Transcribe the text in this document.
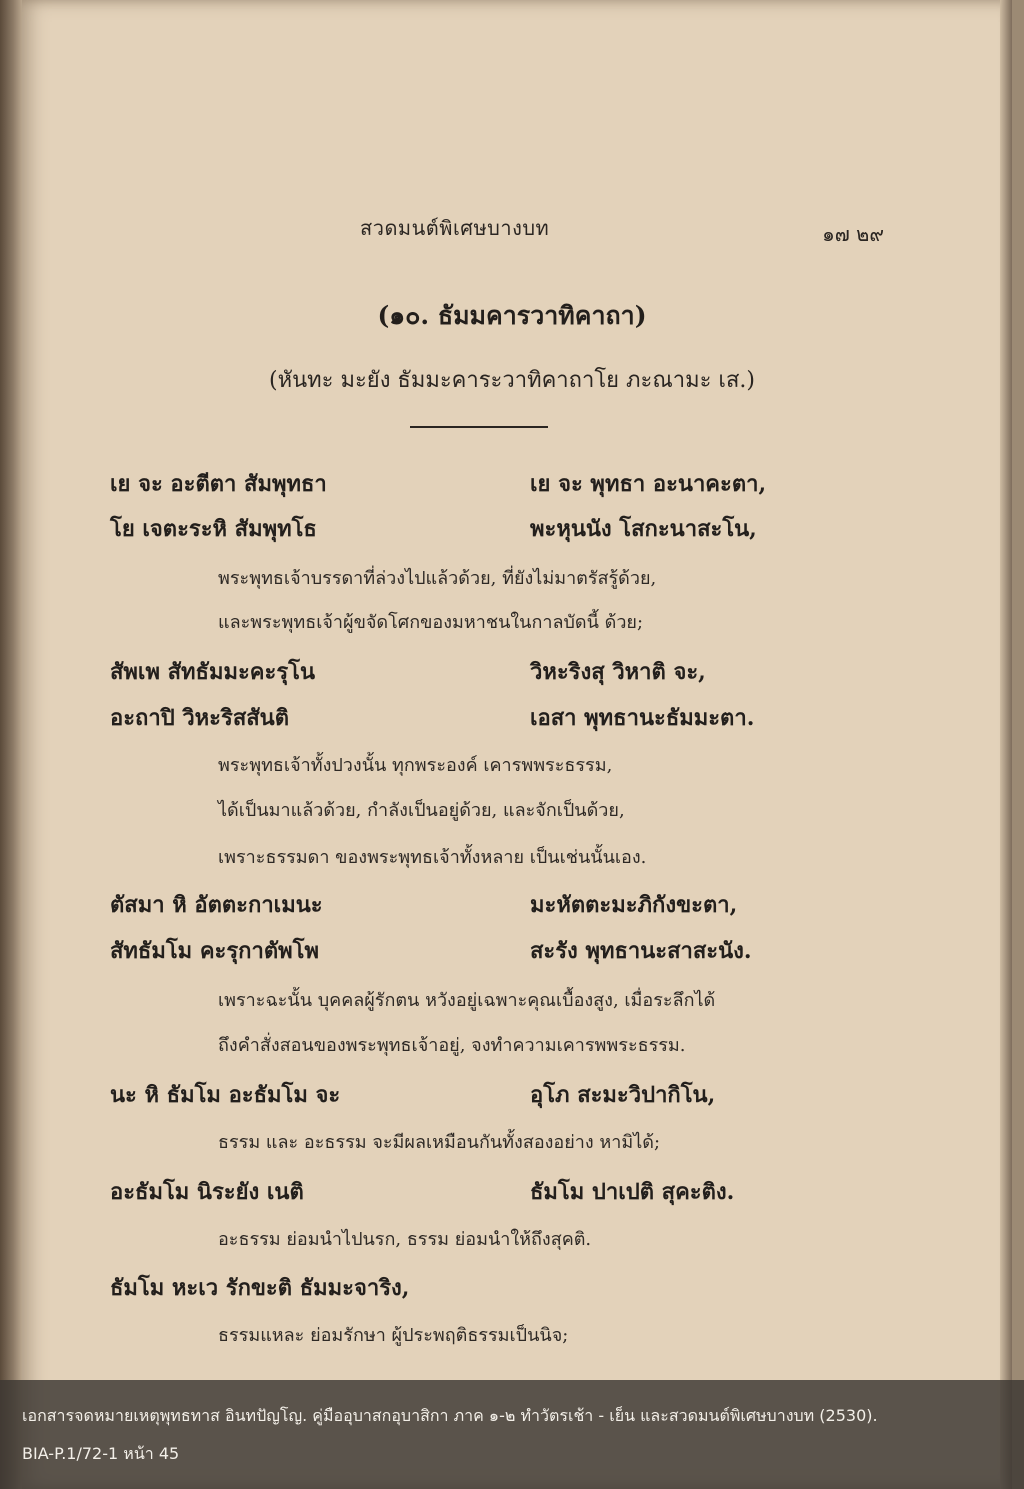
สวดมนต์พิเศษบางบท	๑๗ ๒๙
(๑๐. ธัมมคารวาทิคาถา)
(หันทะ มะยัง ธัมมะคาระวาทิคาถาโย ภะณามะ เส.)
เย จะ อะตีตา สัมพุทธา	เย จะ พุทธา อะนาคะตา,
โย เจตะระหิ สัมพุทโธ	พะหุนนัง โสกะนาสะโน,
พระพุทธเจ้าบรรดาที่ล่วงไปแล้วด้วย, ที่ยังไม่มาตรัสรู้ด้วย,
และพระพุทธเจ้าผู้ขจัดโศกของมหาชนในกาลบัดนี้ ด้วย;
สัพเพ สัทธัมมะคะรุโน	วิหะริงสุ วิหาติ จะ,
อะถาปิ วิหะริสสันติ	เอสา พุทธานะธัมมะตา.
พระพุทธเจ้าทั้งปวงนั้น ทุกพระองค์ เคารพพระธรรม,
ได้เป็นมาแล้วด้วย, กำลังเป็นอยู่ด้วย, และจักเป็นด้วย,
เพราะธรรมดา ของพระพุทธเจ้าทั้งหลาย เป็นเช่นนั้นเอง.
ตัสมา หิ อัตตะกาเมนะ	มะหัตตะมะภิกังขะตา,
สัทธัมโม คะรุกาตัพโพ	สะรัง พุทธานะสาสะนัง.
เพราะฉะนั้น บุคคลผู้รักตน หวังอยู่เฉพาะคุณเบื้องสูง, เมื่อระลึกได้
ถึงคำสั่งสอนของพระพุทธเจ้าอยู่, จงทำความเคารพพระธรรม.
นะ หิ ธัมโม อะธัมโม จะ	อุโภ สะมะวิปากิโน,
ธรรม และ อะธรรม จะมีผลเหมือนกันทั้งสองอย่าง หามิได้;
อะธัมโม นิระยัง เนติ	ธัมโม ปาเปติ สุคะติง.
อะธรรม ย่อมนำไปนรก, ธรรม ย่อมนำให้ถึงสุคติ.
ธัมโม หะเว รักขะติ ธัมมะจาริง,
ธรรมแหละ ย่อมรักษา ผู้ประพฤติธรรมเป็นนิจ;
เอกสารจดหมายเหตุพุทธทาส อินทปัญโญ. คู่มืออุบาสกอุบาสิกา ภาค ๑-๒ ทำวัตรเช้า - เย็น และสวดมนต์พิเศษบางบท (2530).
BIA-P.1/72-1 หน้า 45
